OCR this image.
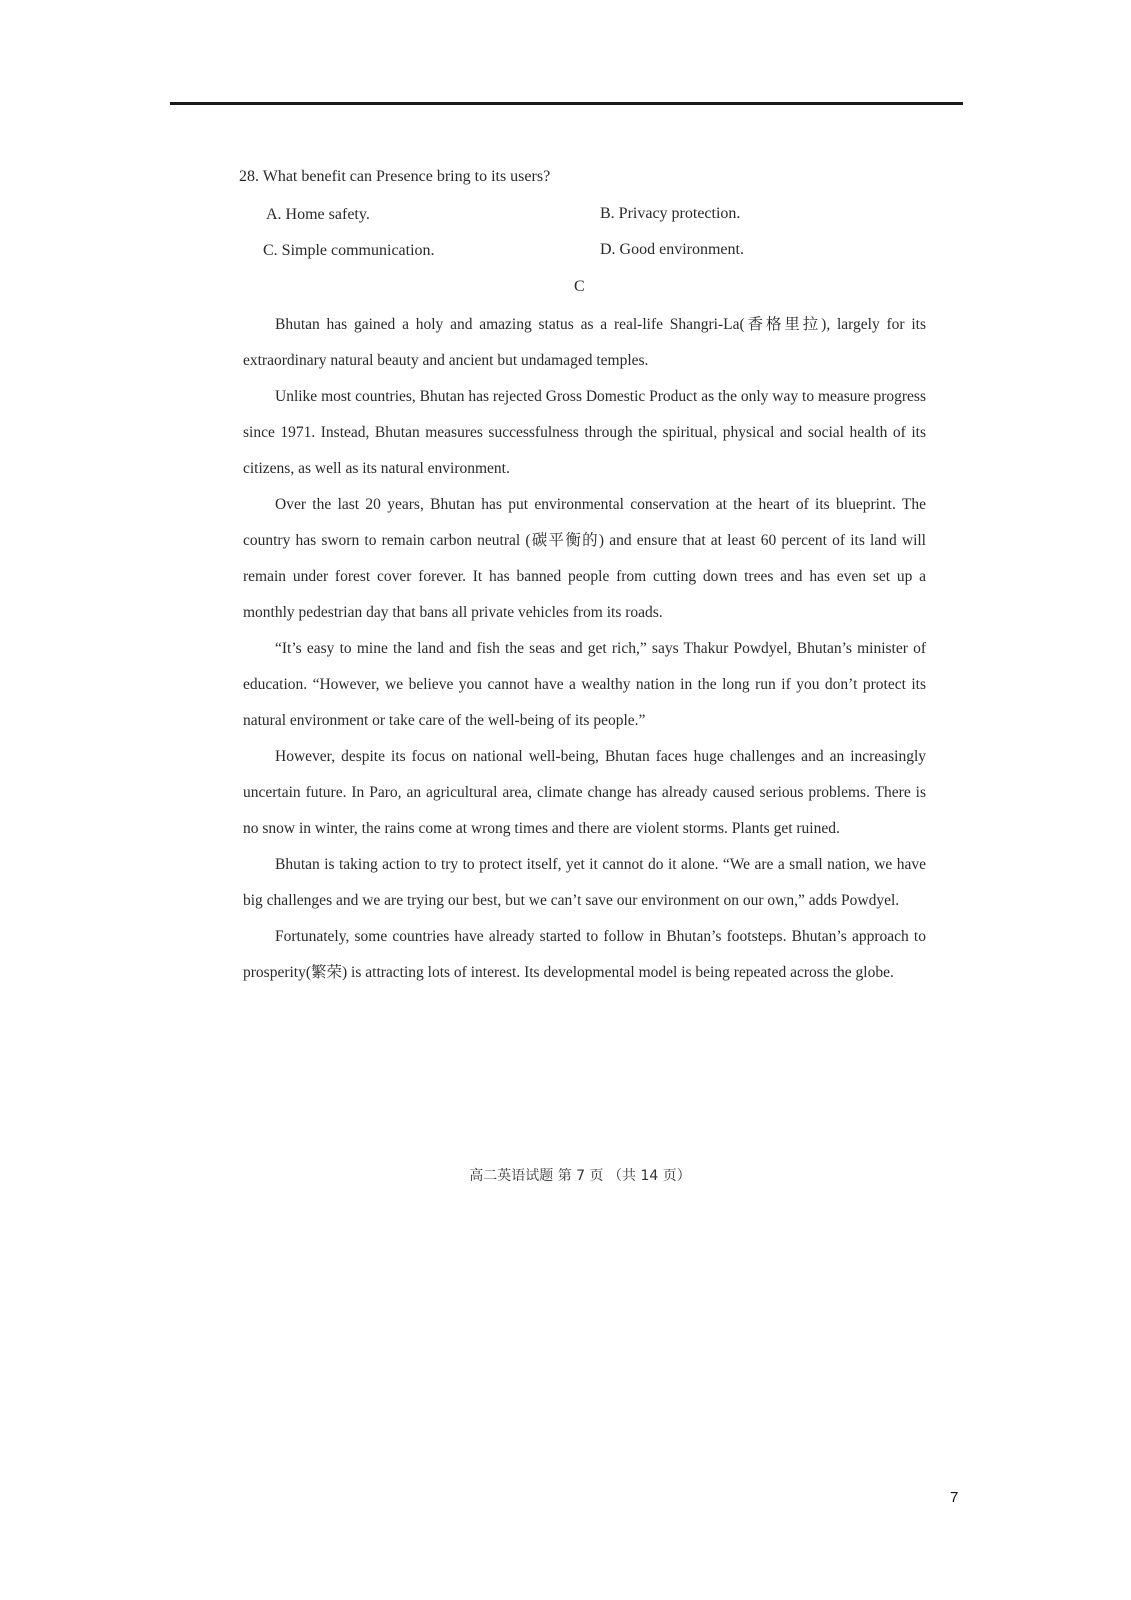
28. What benefit can Presence bring to its users?
A. Home safety.	B. Privacy protection.
C. Simple communication.	D. Good environment.
C

Bhutan has gained a holy and amazing status as a real-life Shangri-La(香格里拉), largely for its extraordinary natural beauty and ancient but undamaged temples.

Unlike most countries, Bhutan has rejected Gross Domestic Product as the only way to measure progress since 1971. Instead, Bhutan measures successfulness through the spiritual, physical and social health of its citizens, as well as its natural environment.

Over the last 20 years, Bhutan has put environmental conservation at the heart of its blueprint. The country has sworn to remain carbon neutral (碳平衡的) and ensure that at least 60 percent of its land will remain under forest cover forever. It has banned people from cutting down trees and has even set up a monthly pedestrian day that bans all private vehicles from its roads.

“It’s easy to mine the land and fish the seas and get rich,” says Thakur Powdyel, Bhutan’s minister of education. “However, we believe you cannot have a wealthy nation in the long run if you don’t protect its natural environment or take care of the well-being of its people.”

However, despite its focus on national well-being, Bhutan faces huge challenges and an increasingly uncertain future. In Paro, an agricultural area, climate change has already caused serious problems. There is no snow in winter, the rains come at wrong times and there are violent storms. Plants get ruined.

Bhutan is taking action to try to protect itself, yet it cannot do it alone. “We are a small nation, we have big challenges and we are trying our best, but we can’t save our environment on our own,” adds Powdyel.

Fortunately, some countries have already started to follow in Bhutan’s footsteps. Bhutan’s approach to prosperity(繁荣) is attracting lots of interest. Its developmental model is being repeated across the globe.

高二英语试题 第 7 页 （共 14 页）
7
